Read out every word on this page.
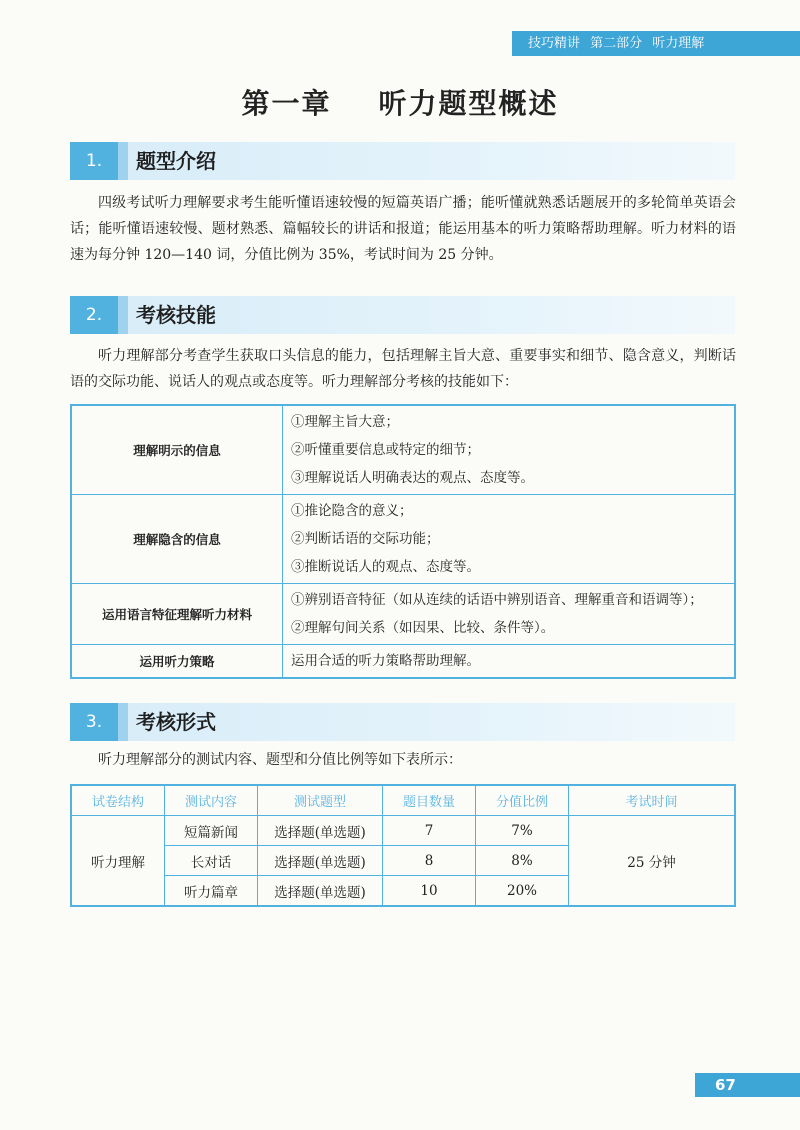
技巧精讲 第二部分 听力理解
第一章    听力题型概述
1.	题型介绍

四级考试听力理解要求考生能听懂语速较慢的短篇英语广播；能听懂就熟悉话题展开的多轮简单英语会话；能听懂语速较慢、题材熟悉、篇幅较长的讲话和报道；能运用基本的听力策略帮助理解。听力材料的语速为每分钟 120—140 词，分值比例为 35%，考试时间为 25 分钟。

2.	考核技能

听力理解部分考查学生获取口头信息的能力，包括理解主旨大意、重要事实和细节、隐含意义，判断话语的交际功能、说话人的观点或态度等。听力理解部分考核的技能如下：

理解明示的信息	①理解主旨大意；
②听懂重要信息或特定的细节；
③理解说话人明确表达的观点、态度等。

理解隐含的信息	①推论隐含的意义；
②判断话语的交际功能；
③推断说话人的观点、态度等。

运用语言特征理解听力材料	①辨别语音特征（如从连续的话语中辨别语音、理解重音和语调等）；
②理解句间关系（如因果、比较、条件等）。

运用听力策略	运用合适的听力策略帮助理解。
3.	考核形式

听力理解部分的测试内容、题型和分值比例等如下表所示：

试卷结构	测试内容	测试题型	题目数量	分值比例	考试时间
听力理解	短篇新闻	选择题(单选题)	7	7%	25 分钟
	长对话	选择题(单选题)	8	8%	
	听力篇章	选择题(单选题)	10	20%	
67
